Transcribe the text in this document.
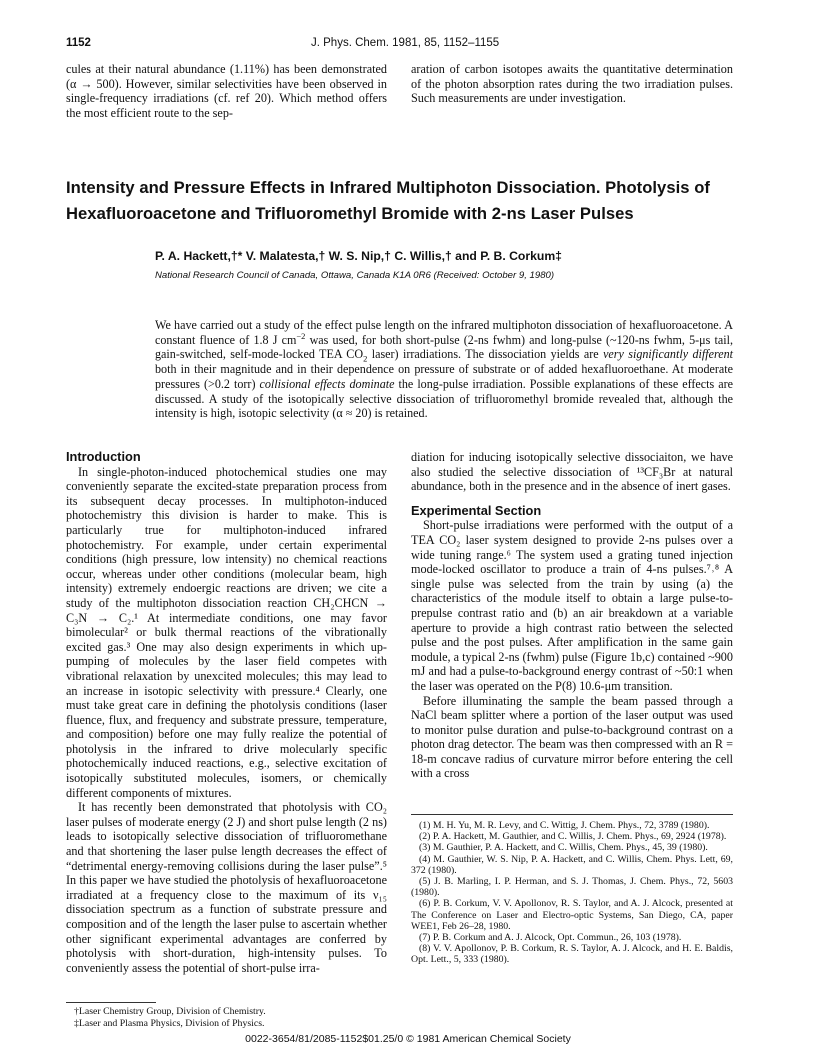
1152	J. Phys. Chem. 1981, 85, 1152–1155

cules at their natural abundance (1.11%) has been demonstrated (α → 500). However, similar selectivities have been observed in single-frequency irradiations (cf. ref 20). Which method offers the most efficient route to the sep-

aration of carbon isotopes awaits the quantitative determination of the photon absorption rates during the two irradiation pulses. Such measurements are under investigation.

Intensity and Pressure Effects in Infrared Multiphoton Dissociation. Photolysis of
Hexafluoroacetone and Trifluoromethyl Bromide with 2-ns Laser Pulses
P. A. Hackett,†* V. Malatesta,† W. S. Nip,† C. Willis,† and P. B. Corkum‡
National Research Council of Canada, Ottawa, Canada K1A 0R6 (Received: October 9, 1980)

We have carried out a study of the effect pulse length on the infrared multiphoton dissociation of hexafluoroacetone. A constant fluence of 1.8 J $cm^{-2}$ was used, for both short-pulse (2-ns fwhm) and long-pulse (~120-ns fwhm, 5-μs tail, gain-switched, self-mode-locked TEA $CO_2$ laser) irradiations. The dissociation yields are very significantly different both in their magnitude and in their dependence on pressure of substrate or of added hexafluoroethane. At moderate pressures (>0.2 torr) collisional effects dominate the long-pulse irradiation. Possible explanations of these effects are discussed. A study of the isotopically selective dissociation of trifluoromethyl bromide revealed that, although the intensity is high, isotopic selectivity (α ≈ 20) is retained.

Introduction

In single-photon-induced photochemical studies one may conveniently separate the excited-state preparation process from its subsequent decay processes. In multiphoton-induced photochemistry this division is harder to make. This is particularly true for multiphoton-induced infrared photochemistry. For example, under certain experimental conditions (high pressure, low intensity) no chemical reactions occur, whereas under other conditions (molecular beam, high intensity) extremely endoergic reactions are driven; we cite a study of the multiphoton dissociation reaction CH₂CHCN → C₃N → C₂.¹ At intermediate conditions, one may favor bimolecular² or bulk thermal reactions of the vibrationally excited gas.³ One may also design experiments in which up-pumping of molecules by the laser field competes with vibrational relaxation by unexcited molecules; this may lead to an increase in isotopic selectivity with pressure.⁴ Clearly, one must take great care in defining the photolysis conditions (laser fluence, flux, and frequency and substrate pressure, temperature, and composition) before one may fully realize the potential of photolysis in the infrared to drive molecularly specific photochemically induced reactions, e.g., selective excitation of isotopically substituted molecules, isomers, or chemically different components of mixtures.

It has recently been demonstrated that photolysis with CO₂ laser pulses of moderate energy (2 J) and short pulse length (2 ns) leads to isotopically selective dissociation of trifluoromethane and that shortening the laser pulse length decreases the effect of “detrimental energy-removing collisions during the laser pulse”.⁵ In this paper we have studied the photolysis of hexafluoroacetone irradiated at a frequency close to the maximum of its ν₁₅ dissociation spectrum as a function of substrate pressure and composition and of the length the laser pulse to ascertain whether other significant experimental advantages are conferred by photolysis with short-duration, high-intensity pulses. To conveniently assess the potential of short-pulse irra-

†Laser Chemistry Group, Division of Chemistry.

‡Laser and Plasma Physics, Division of Physics.

diation for inducing isotopically selective dissociaiton, we have also studied the selective dissociation of ¹³CF₃Br at natural abundance, both in the presence and in the absence of inert gases.

Experimental Section

Short-pulse irradiations were performed with the output of a TEA CO₂ laser system designed to provide 2-ns pulses over a wide tuning range.⁶ The system used a grating tuned injection mode-locked oscillator to produce a train of 4-ns pulses.⁷˒⁸ A single pulse was selected from the train by using (a) the characteristics of the module itself to obtain a large pulse-to-prepulse contrast ratio and (b) an air breakdown at a variable aperture to provide a high contrast ratio between the selected pulse and the post pulses. After amplification in the same gain module, a typical 2-ns (fwhm) pulse (Figure 1b,c) contained ~900 mJ and had a pulse-to-background energy contrast of ~50:1 when the laser was operated on the P(8) 10.6-μm transition.

Before illuminating the sample the beam passed through a NaCl beam splitter where a portion of the laser output was used to monitor pulse duration and pulse-to-background contrast on a photon drag detector. The beam was then compressed with an R = 18-m concave radius of curvature mirror before entering the cell with a cross

(1) M. H. Yu, M. R. Levy, and C. Wittig, J. Chem. Phys., 72, 3789 (1980).

(2) P. A. Hackett, M. Gauthier, and C. Willis, J. Chem. Phys., 69, 2924 (1978).

(3) M. Gauthier, P. A. Hackett, and C. Willis, Chem. Phys., 45, 39 (1980).

(4) M. Gauthier, W. S. Nip, P. A. Hackett, and C. Willis, Chem. Phys. Lett, 69, 372 (1980).

(5) J. B. Marling, I. P. Herman, and S. J. Thomas, J. Chem. Phys., 72, 5603 (1980).

(6) P. B. Corkum, V. V. Apollonov, R. S. Taylor, and A. J. Alcock, presented at The Conference on Laser and Electro-optic Systems, San Diego, CA, paper WEE1, Feb 26–28, 1980.

(7) P. B. Corkum and A. J. Alcock, Opt. Commun., 26, 103 (1978).

(8) V. V. Apollonov, P. B. Corkum, R. S. Taylor, A. J. Alcock, and H. E. Baldis, Opt. Lett., 5, 333 (1980).

0022-3654/81/2085-1152$01.25/0 © 1981 American Chemical Society
